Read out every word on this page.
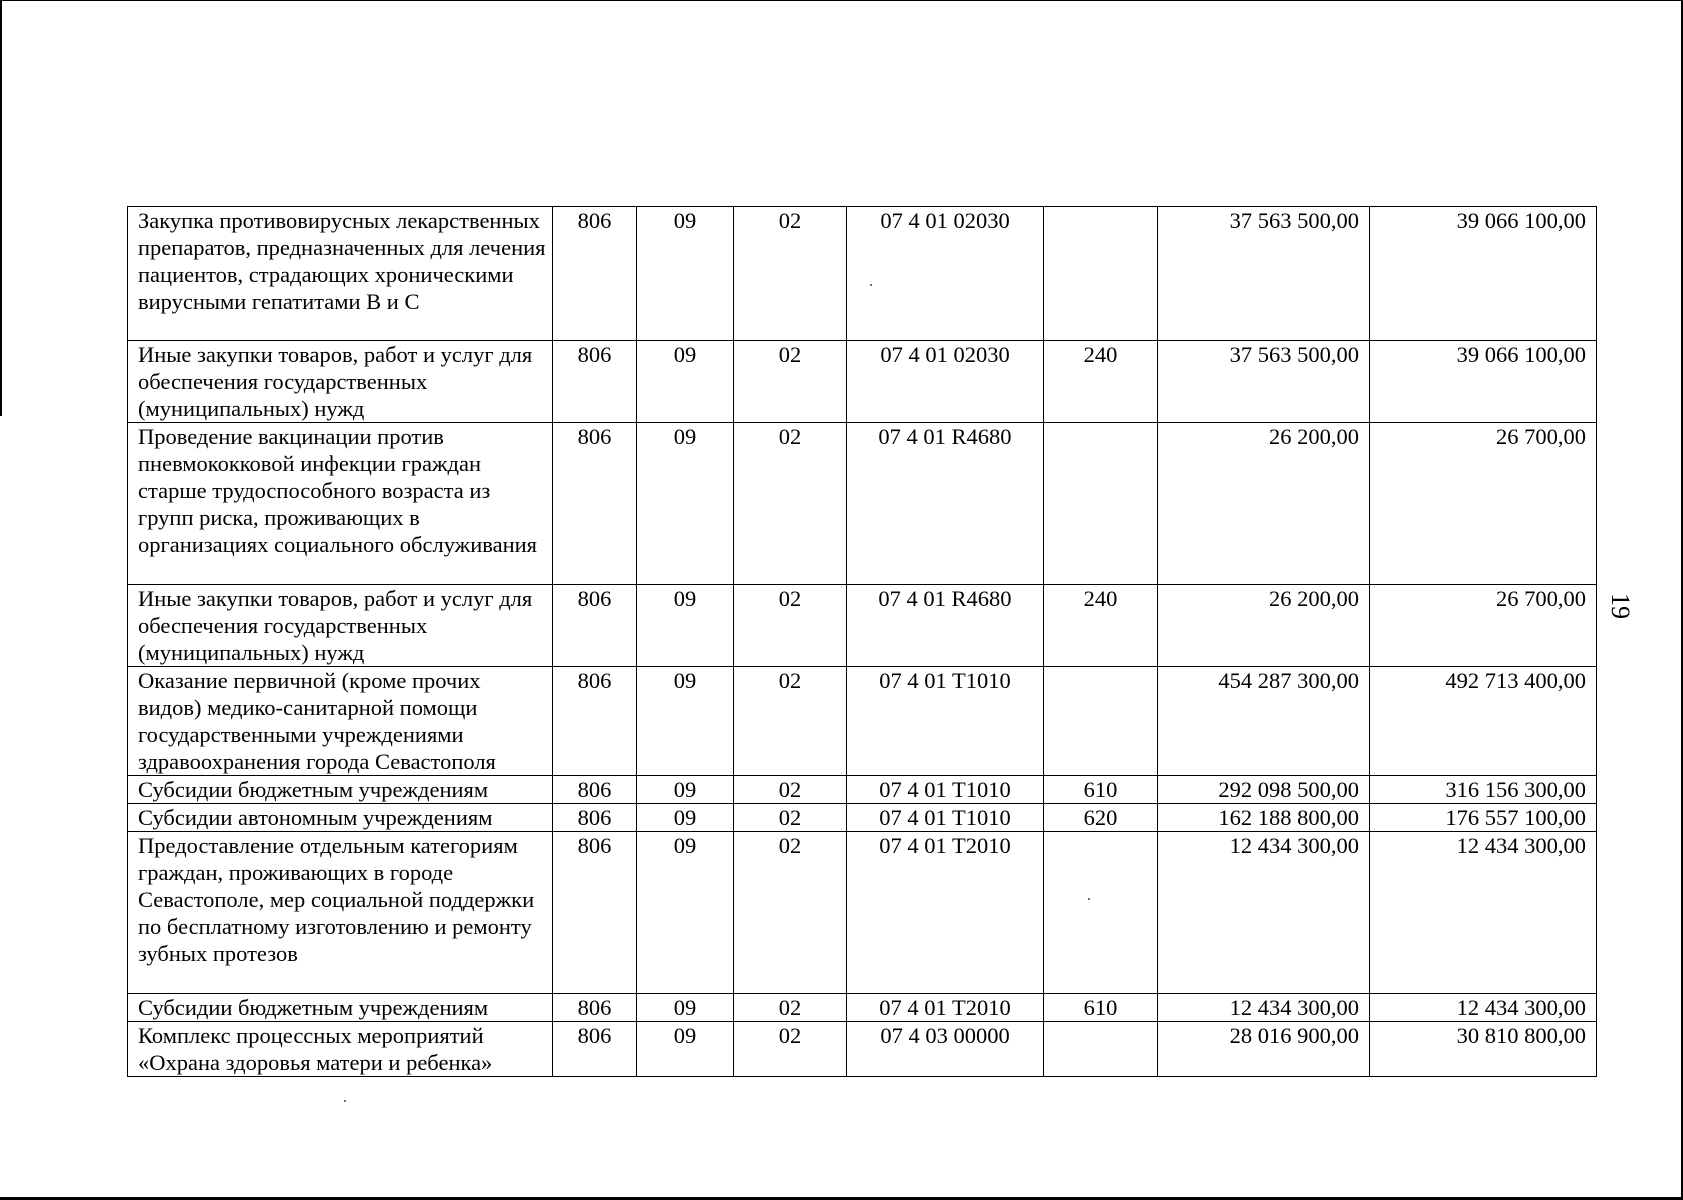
Закупка противовирусных лекарственных препаратов, предназначенных для лечения пациентов, страдающих хроническими вирусными гепатитами B и C	806	09	02	07 4 01 02030		37 563 500,00	39 066 100,00
Иные закупки товаров, работ и услуг для обеспечения государственных (муниципальных) нужд	806	09	02	07 4 01 02030	240	37 563 500,00	39 066 100,00
Проведение вакцинации против пневмококковой инфекции граждан старше трудоспособного возраста из групп риска, проживающих в организациях социального обслуживания	806	09	02	07 4 01 R4680		26 200,00	26 700,00
Иные закупки товаров, работ и услуг для обеспечения государственных (муниципальных) нужд	806	09	02	07 4 01 R4680	240	26 200,00	26 700,00
Оказание первичной (кроме прочих видов) медико-санитарной помощи государственными учреждениями здравоохранения города Севастополя	806	09	02	07 4 01 T1010		454 287 300,00	492 713 400,00
Субсидии бюджетным учреждениям	806	09	02	07 4 01 T1010	610	292 098 500,00	316 156 300,00
Субсидии автономным учреждениям	806	09	02	07 4 01 T1010	620	162 188 800,00	176 557 100,00
Предоставление отдельным категориям граждан, проживающих в городе Севастополе, мер социальной поддержки по бесплатному изготовлению и ремонту зубных протезов	806	09	02	07 4 01 T2010		12 434 300,00	12 434 300,00
Субсидии бюджетным учреждениям	806	09	02	07 4 01 T2010	610	12 434 300,00	12 434 300,00
Комплекс процессных мероприятий «Охрана здоровья матери и ребенка»	806	09	02	07 4 03 00000		28 016 900,00	30 810 800,00
19
